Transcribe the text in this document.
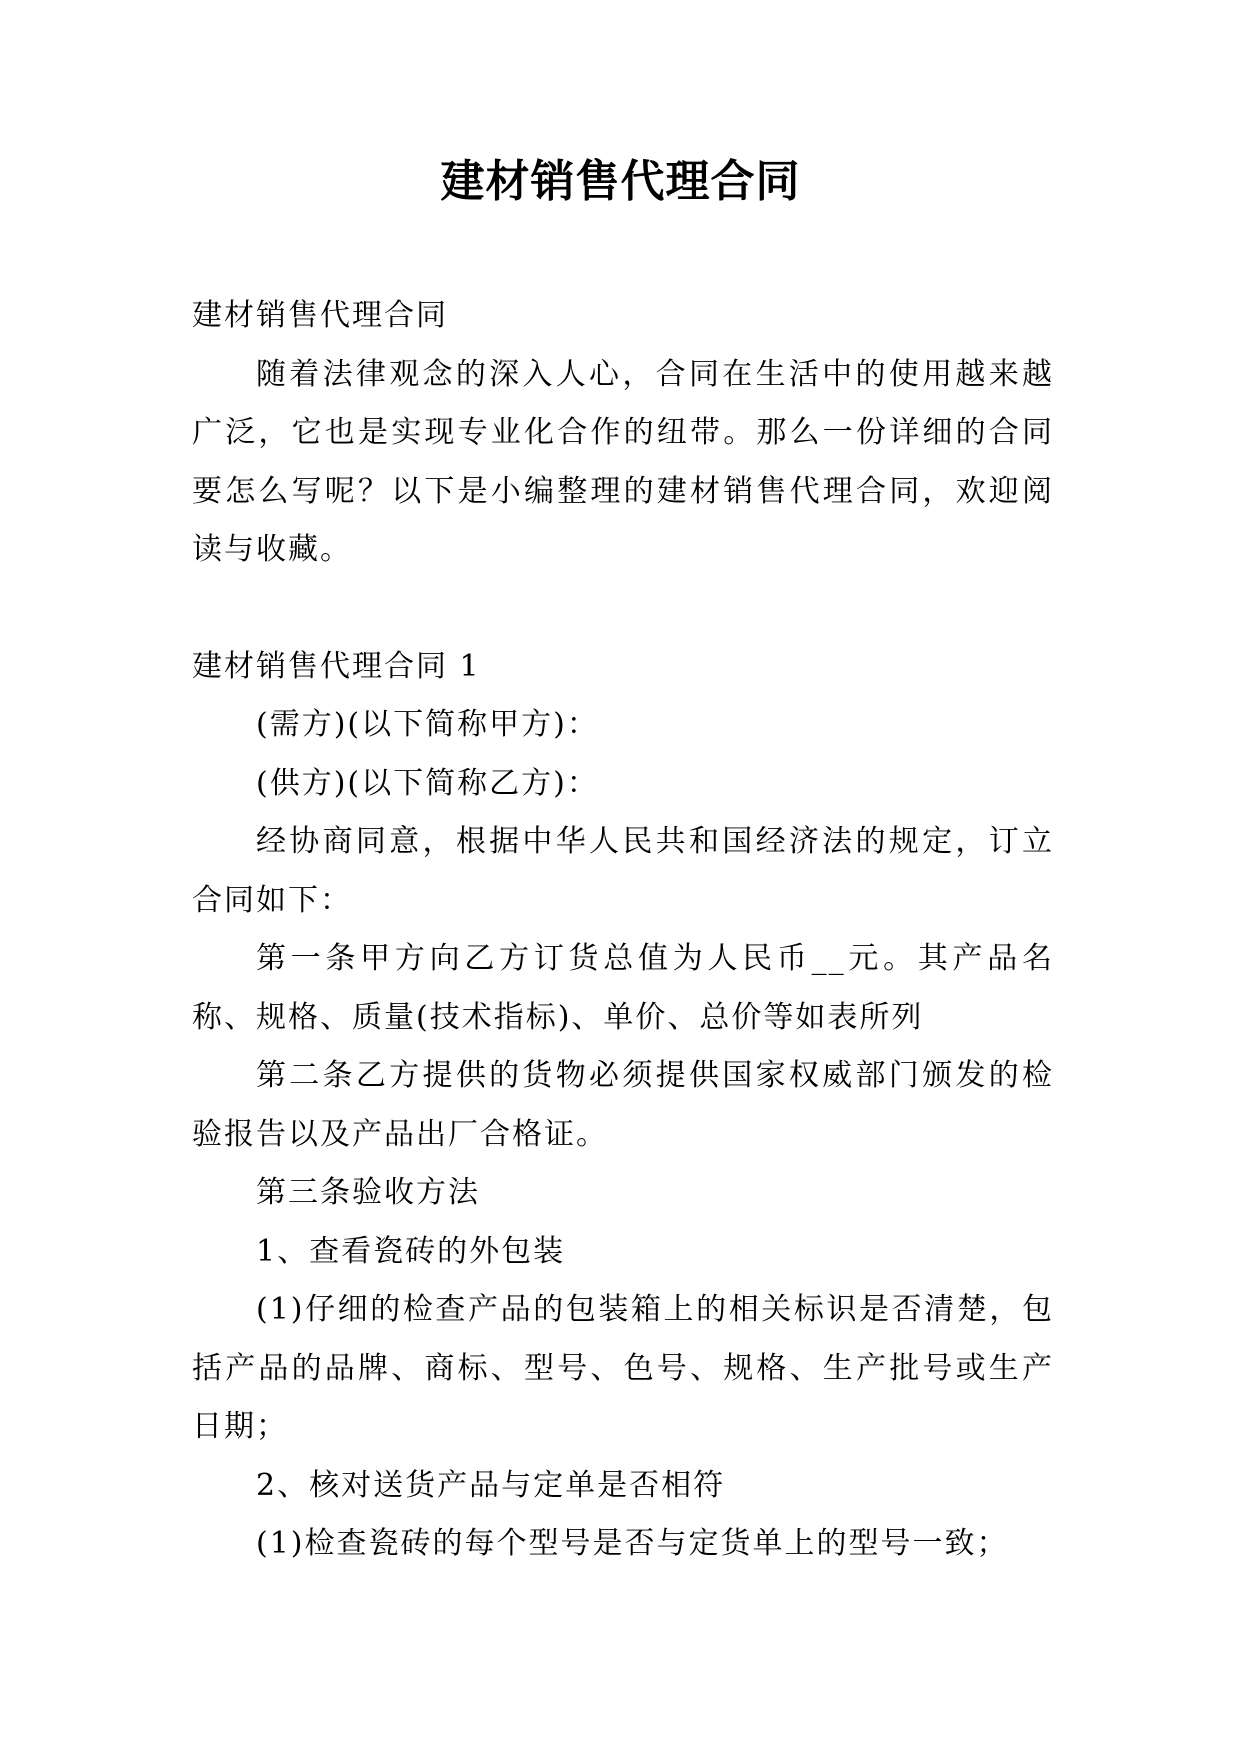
建材销售代理合同

建材销售代理合同

随着法律观念的深入人心，合同在生活中的使用越来越广泛，它也是实现专业化合作的纽带。那么一份详细的合同要怎么写呢？以下是小编整理的建材销售代理合同，欢迎阅读与收藏。

建材销售代理合同 1

(需方)(以下简称甲方)：

(供方)(以下简称乙方)：

经协商同意，根据中华人民共和国经济法的规定，订立合同如下：

第一条甲方向乙方订货总值为人民币__元。其产品名称、规格、质量(技术指标)、单价、总价等如表所列

第二条乙方提供的货物必须提供国家权威部门颁发的检验报告以及产品出厂合格证。

第三条验收方法

1、查看瓷砖的外包装

(1)仔细的检查产品的包装箱上的相关标识是否清楚，包括产品的品牌、商标、型号、色号、规格、生产批号或生产日期；

2、核对送货产品与定单是否相符

(1)检查瓷砖的每个型号是否与定货单上的型号一致；
